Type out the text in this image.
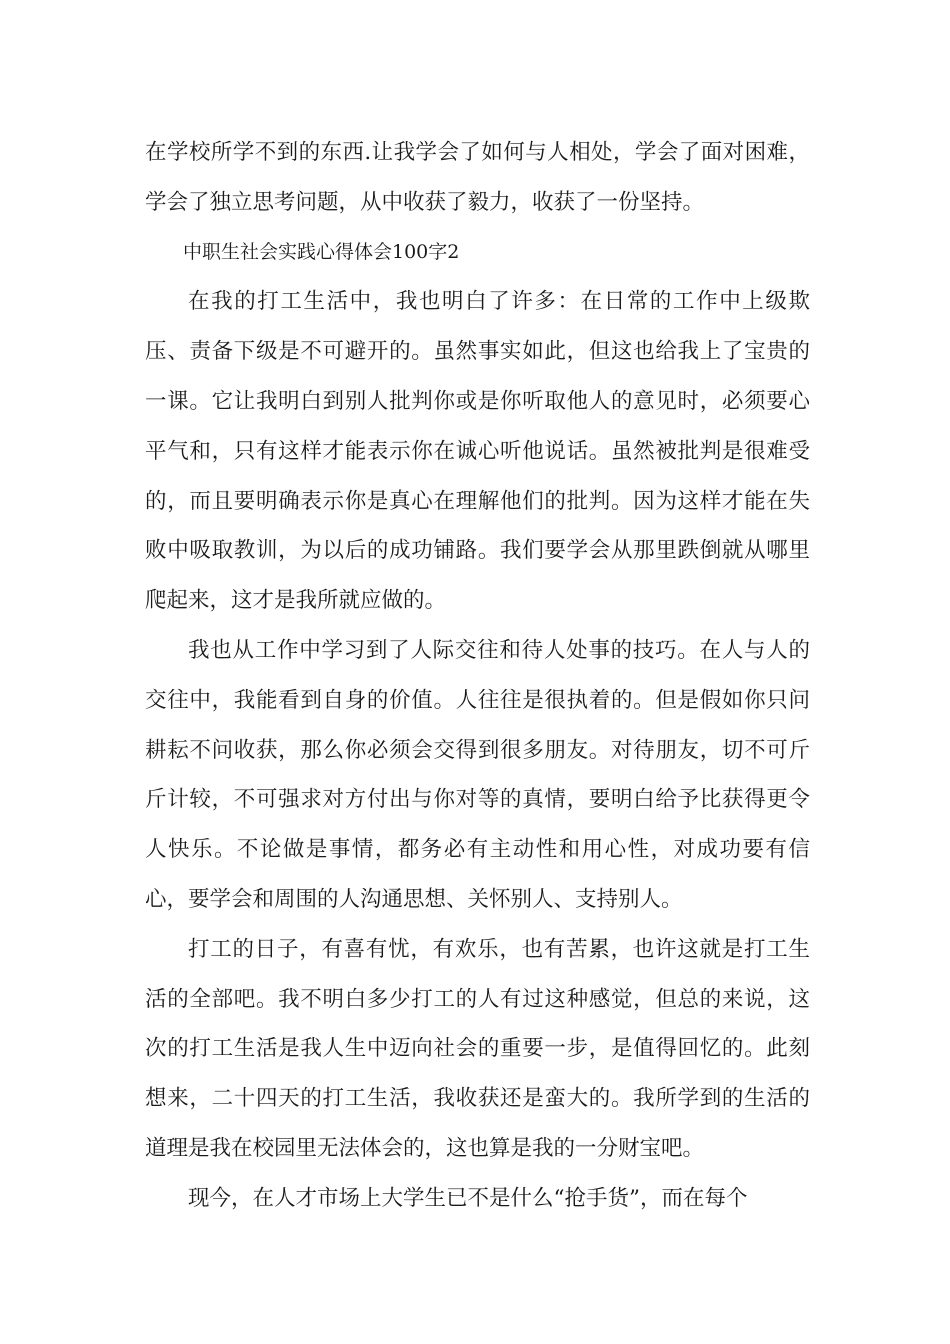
在学校所学不到的东西.让我学会了如何与人相处，学会了面对困难，学会了独立思考问题，从中收获了毅力，收获了一份坚持。

中职生社会实践心得体会100字2

在我的打工生活中，我也明白了许多：在日常的工作中上级欺压、责备下级是不可避开的。虽然事实如此，但这也给我上了宝贵的一课。它让我明白到别人批判你或是你听取他人的意见时，必须要心平气和，只有这样才能表示你在诚心听他说话。虽然被批判是很难受的，而且要明确表示你是真心在理解他们的批判。因为这样才能在失败中吸取教训，为以后的成功铺路。我们要学会从那里跌倒就从哪里爬起来，这才是我所就应做的。

我也从工作中学习到了人际交往和待人处事的技巧。在人与人的交往中，我能看到自身的价值。人往往是很执着的。但是假如你只问耕耘不问收获，那么你必须会交得到很多朋友。对待朋友，切不可斤斤计较，不可强求对方付出与你对等的真情，要明白给予比获得更令人快乐。不论做是事情，都务必有主动性和用心性，对成功要有信心，要学会和周围的人沟通思想、关怀别人、支持别人。

打工的日子，有喜有忧，有欢乐，也有苦累，也许这就是打工生活的全部吧。我不明白多少打工的人有过这种感觉，但总的来说，这次的打工生活是我人生中迈向社会的重要一步，是值得回忆的。此刻想来，二十四天的打工生活，我收获还是蛮大的。我所学到的生活的道理是我在校园里无法体会的，这也算是我的一分财宝吧。

现今，在人才市场上大学生已不是什么“抢手货”，而在每个
